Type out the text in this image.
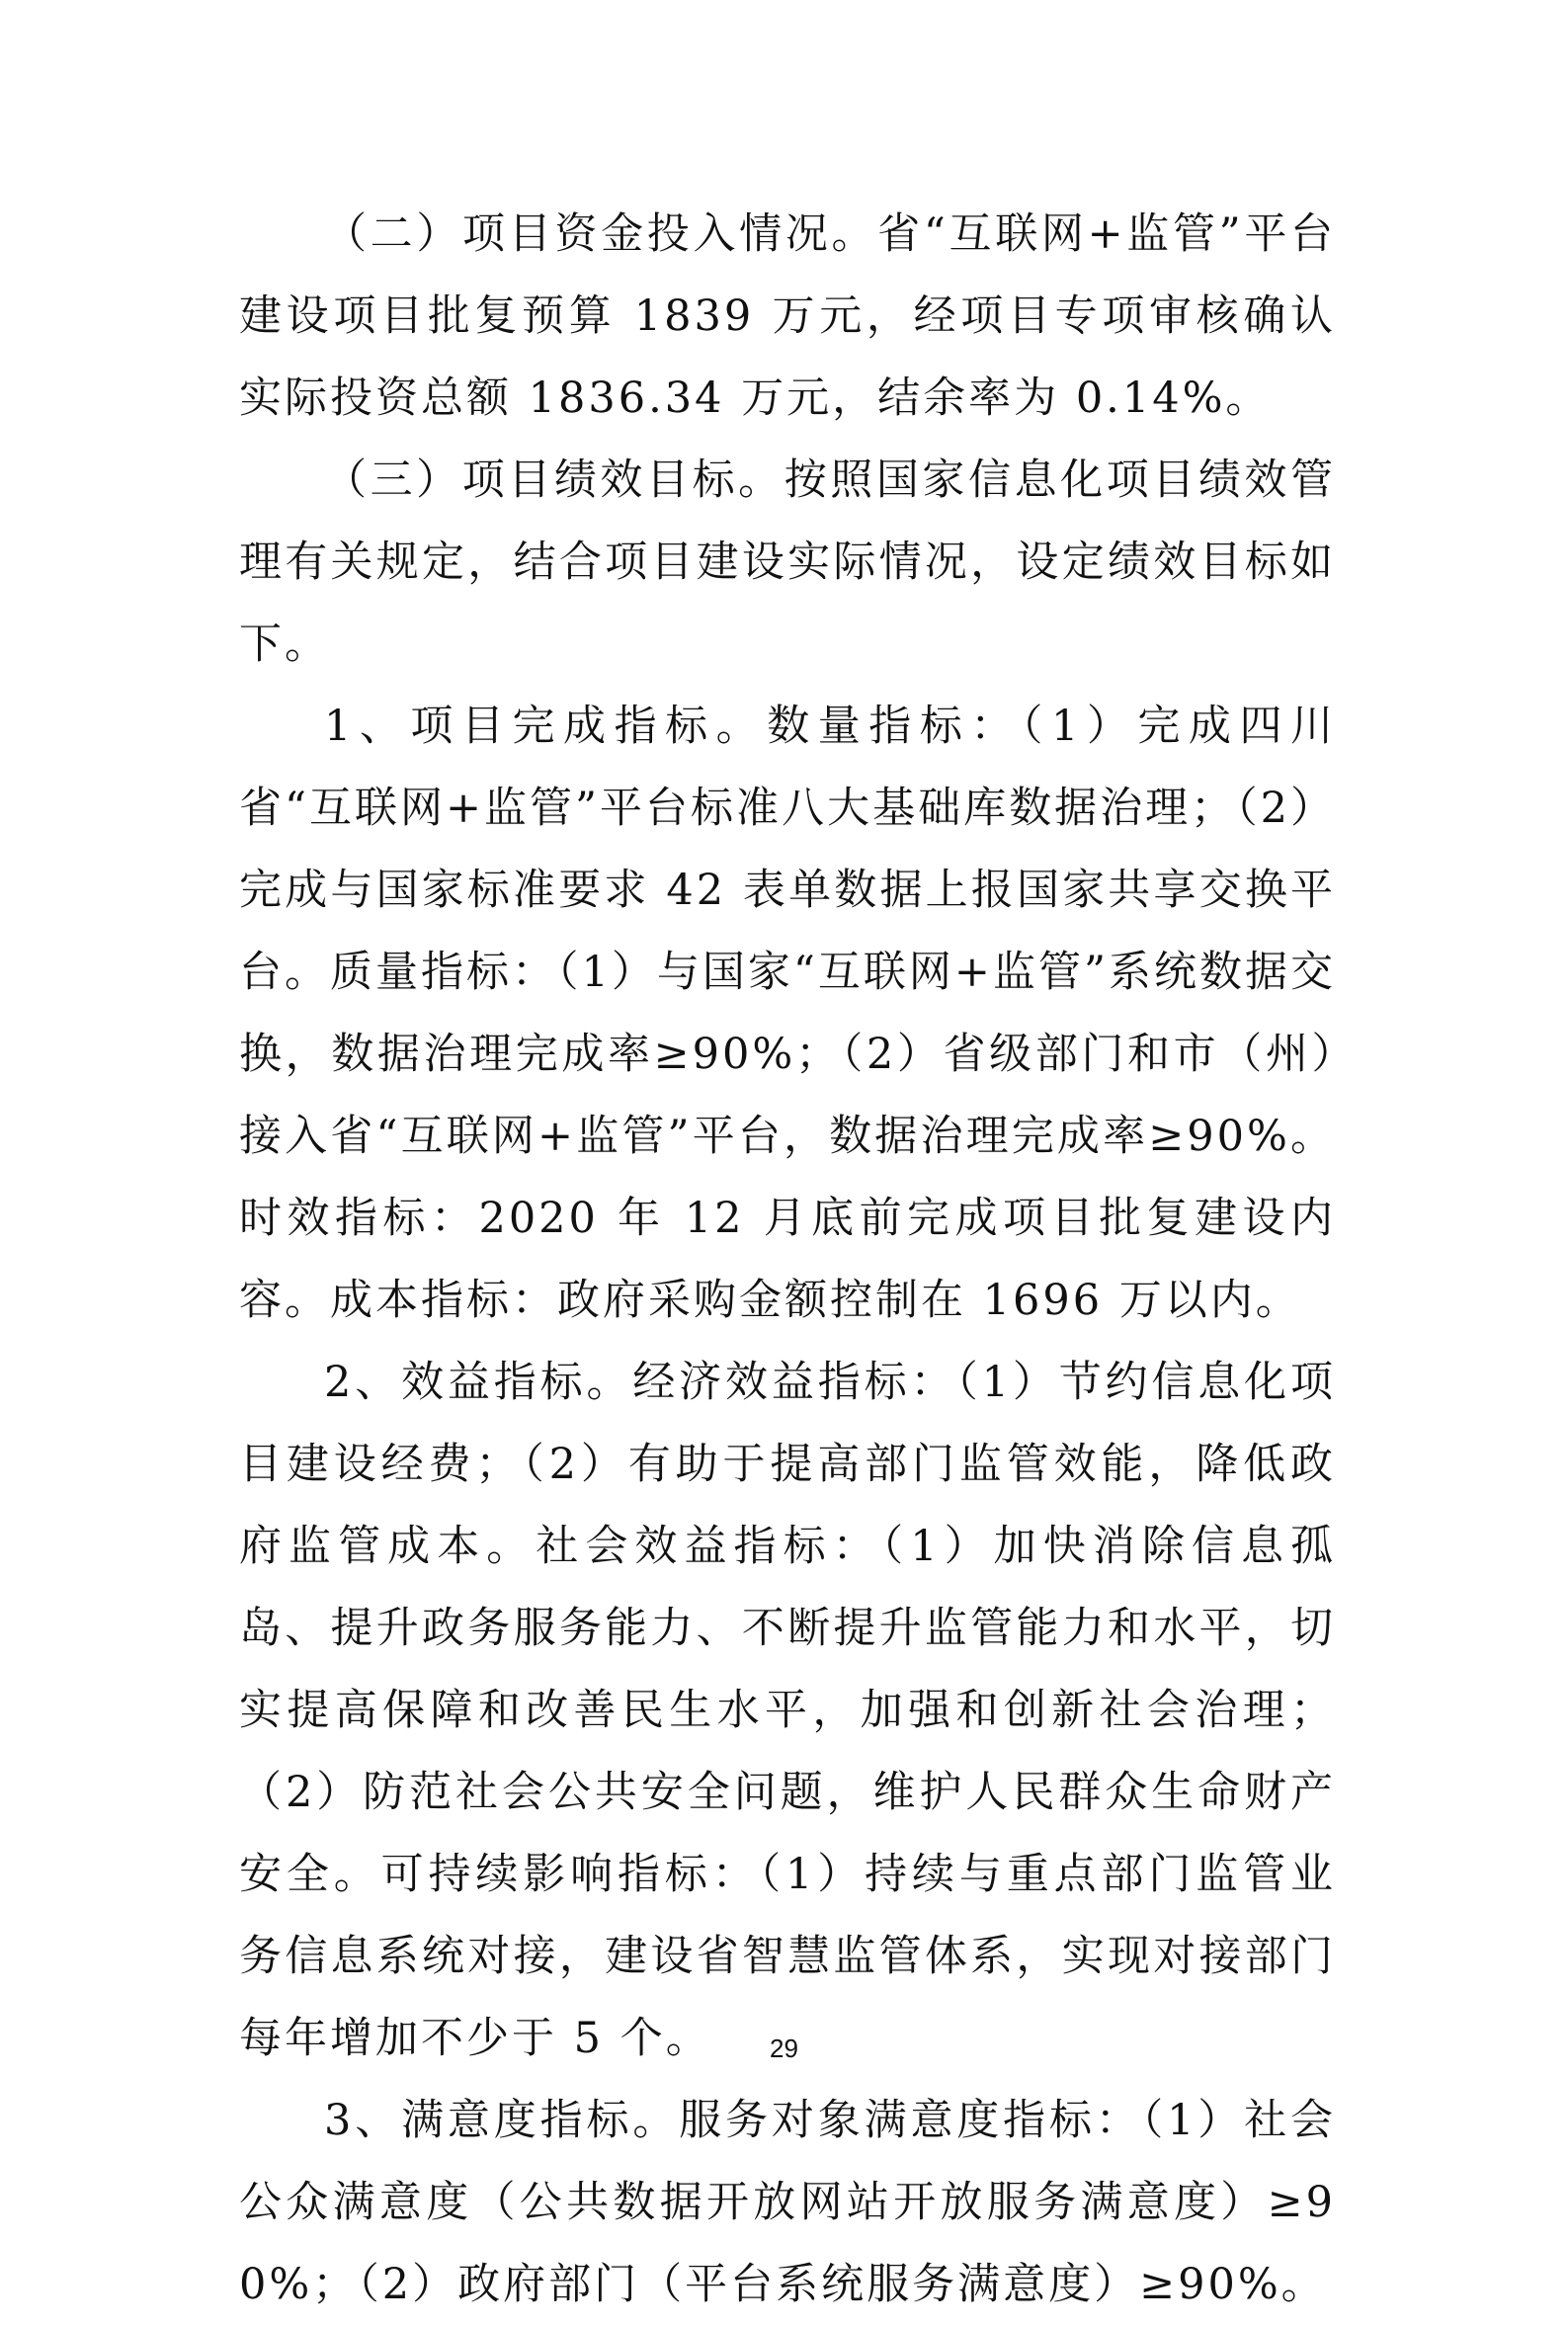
（二）项目资金投入情况。省“互联网+监管”平台建设项目批复预算 1839 万元，经项目专项审核确认实际投资总额 1836.34 万元，结余率为 0.14%。

（三）项目绩效目标。按照国家信息化项目绩效管理有关规定，结合项目建设实际情况，设定绩效目标如下。

1、项目完成指标。数量指标：（1）完成四川省“互联网+监管”平台标准八大基础库数据治理；（2）完成与国家标准要求 42 表单数据上报国家共享交换平台。质量指标：（1）与国家“互联网+监管”系统数据交换，数据治理完成率≥90%；（2）省级部门和市（州）接入省“互联网+监管”平台，数据治理完成率≥90%。时效指标：2020 年 12 月底前完成项目批复建设内容。成本指标：政府采购金额控制在 1696 万以内。

2、效益指标。经济效益指标：（1）节约信息化项目建设经费；（2）有助于提高部门监管效能，降低政府监管成本。社会效益指标：（1）加快消除信息孤岛、提升政务服务能力、不断提升监管能力和水平，切实提高保障和改善民生水平，加强和创新社会治理；（2）防范社会公共安全问题，维护人民群众生命财产安全。可持续影响指标：（1）持续与重点部门监管业务信息系统对接，建设省智慧监管体系，实现对接部门每年增加不少于 5 个。

3、满意度指标。服务对象满意度指标：（1）社会公众满意度（公共数据开放网站开放服务满意度）≥90%；（2）政府部门（平台系统服务满意度）≥90%。

29
